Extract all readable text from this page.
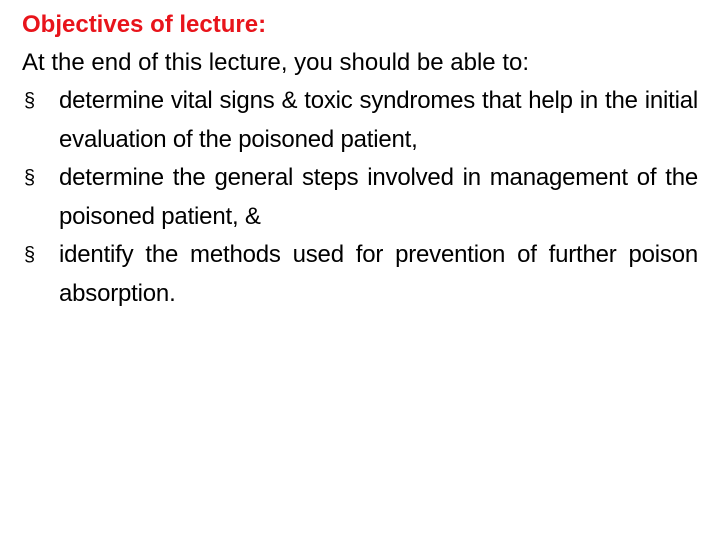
Objectives of lecture:

At the end of this lecture, you should be able to:

§ determine vital signs & toxic syndromes that help in the initial evaluation of the poisoned patient,
§ determine the general steps involved in management of the poisoned patient, &
§ identify the methods used for prevention of further poison absorption.
